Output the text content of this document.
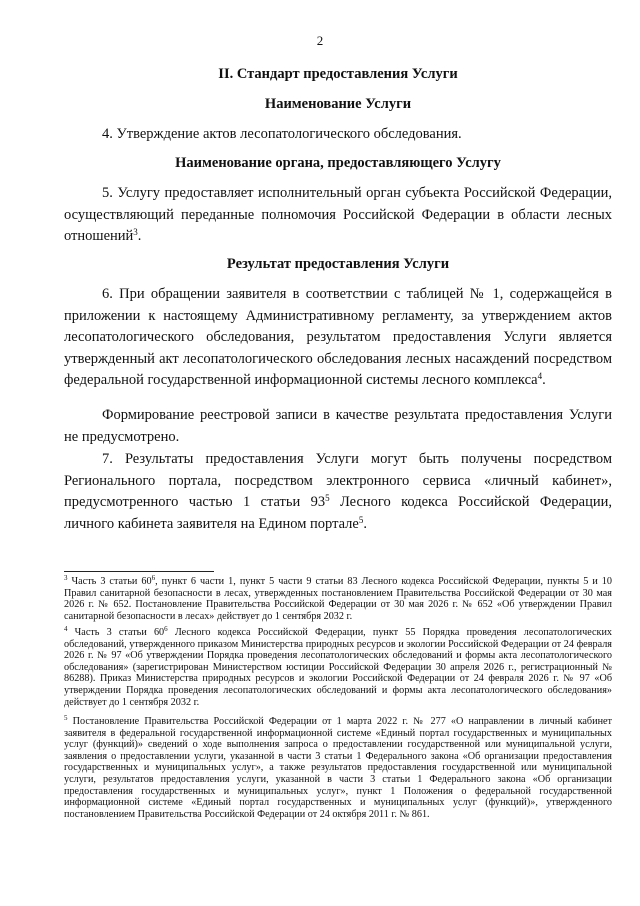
2
II. Стандарт предоставления Услуги
Наименование Услуги

4. Утверждение актов лесопатологического обследования.

Наименование органа, предоставляющего Услугу

5. Услугу предоставляет исполнительный орган субъекта Российской Федерации, осуществляющий переданные полномочия Российской Федерации в области лесных отношений$^3$.

Результат предоставления Услуги

6. При обращении заявителя в соответствии с таблицей № 1, содержащейся в приложении к настоящему Административному регламенту, за утверждением актов лесопатологического обследования, результатом предоставления Услуги является утвержденный акт лесопатологического обследования лесных насаждений посредством федеральной государственной информационной системы лесного комплекса$^4$.

Формирование реестровой записи в качестве результата предоставления Услуги не предусмотрено.

7. Результаты предоставления Услуги могут быть получены посредством Регионального портала, посредством электронного сервиса «личный кабинет», предусмотренного частью 1 статьи $93^5$ Лесного кодекса Российской Федерации, личного кабинета заявителя на Едином портале$^5$.

$^3$ Часть 3 статьи $60^6$, пункт 6 части 1, пункт 5 части 9 статьи 83 Лесного кодекса Российской Федерации, пункты 5 и 10 Правил санитарной безопасности в лесах, утвержденных постановлением Правительства Российской Федерации от 30 мая 2026 г. № 652. Постановление Правительства Российской Федерации от 30 мая 2026 г. № 652 «Об утверждении Правил санитарной безопасности в лесах» действует до 1 сентября 2032 г.

$^4$ Часть 3 статьи $60^6$ Лесного кодекса Российской Федерации, пункт 55 Порядка проведения лесопатологических обследований, утвержденного приказом Министерства природных ресурсов и экологии Российской Федерации от 24 февраля 2026 г. № 97 «Об утверждении Порядка проведения лесопатологических обследований и формы акта лесопатологического обследования» (зарегистрирован Министерством юстиции Российской Федерации 30 апреля 2026 г., регистрационный № 86288). Приказ Министерства природных ресурсов и экологии Российской Федерации от 24 февраля 2026 г. № 97 «Об утверждении Порядка проведения лесопатологических обследований и формы акта лесопатологического обследования» действует до 1 сентября 2032 г.

$^5$ Постановление Правительства Российской Федерации от 1 марта 2022 г. № 277 «О направлении в личный кабинет заявителя в федеральной государственной информационной системе «Единый портал государственных и муниципальных услуг (функций)» сведений о ходе выполнения запроса о предоставлении государственной или муниципальной услуги, заявления о предоставлении услуги, указанной в части 3 статьи 1 Федерального закона «Об организации предоставления государственных и муниципальных услуг», а также результатов предоставления государственной или муниципальной услуги, результатов предоставления услуги, указанной в части 3 статьи 1 Федерального закона «Об организации предоставления государственных и муниципальных услуг», пункт 1 Положения о федеральной государственной информационной системе «Единый портал государственных и муниципальных услуг (функций)», утвержденного постановлением Правительства Российской Федерации от 24 октября 2011 г. № 861.
